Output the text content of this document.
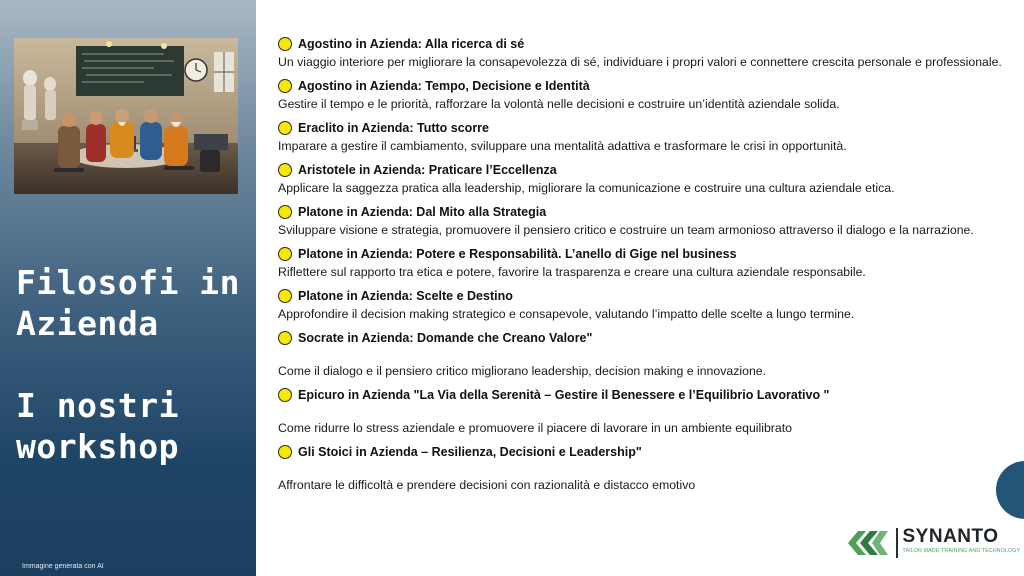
Filosofi in
Azienda
I nostri
workshop
Immagine generata con AI
Agostino in Azienda: Alla ricerca di sé
Un viaggio interiore per migliorare la consapevolezza di sé, individuare i propri valori e connettere crescita personale e professionale.
Agostino in Azienda: Tempo, Decisione e Identità
Gestire il tempo e le priorità, rafforzare la volontà nelle decisioni e costruire un’identità aziendale solida.
Eraclito in Azienda: Tutto scorre
Imparare a gestire il cambiamento, sviluppare una mentalità adattiva e trasformare le crisi in opportunità.
Aristotele in Azienda: Praticare l’Eccellenza
Applicare la saggezza pratica alla leadership, migliorare la comunicazione e costruire una cultura aziendale etica.
Platone in Azienda: Dal Mito alla Strategia
Sviluppare visione e strategia, promuovere il pensiero critico e costruire un team armonioso attraverso il dialogo e la narrazione.
Platone in Azienda: Potere e Responsabilità. L’anello di Gige nel business
Riflettere sul rapporto tra etica e potere, favorire la trasparenza e creare una cultura aziendale responsabile.
Platone in Azienda: Scelte e Destino
Approfondire il decision making strategico e consapevole, valutando l’impatto delle scelte a lungo termine.
Socrate in Azienda: Domande che Creano Valore"
Come il dialogo e il pensiero critico migliorano leadership, decision making e innovazione.
Epicuro in Azienda "La Via della Serenità – Gestire il Benessere e l’Equilibrio Lavorativo "
Come ridurre lo stress aziendale e promuovere il piacere di lavorare in un ambiente equilibrato
Gli Stoici in Azienda – Resilienza, Decisioni e Leadership"
Affrontare le difficoltà e prendere decisioni con razionalità e distacco emotivo
SYNANTO
TAILOR MADE TRAINING AND TECHNOLOGY
